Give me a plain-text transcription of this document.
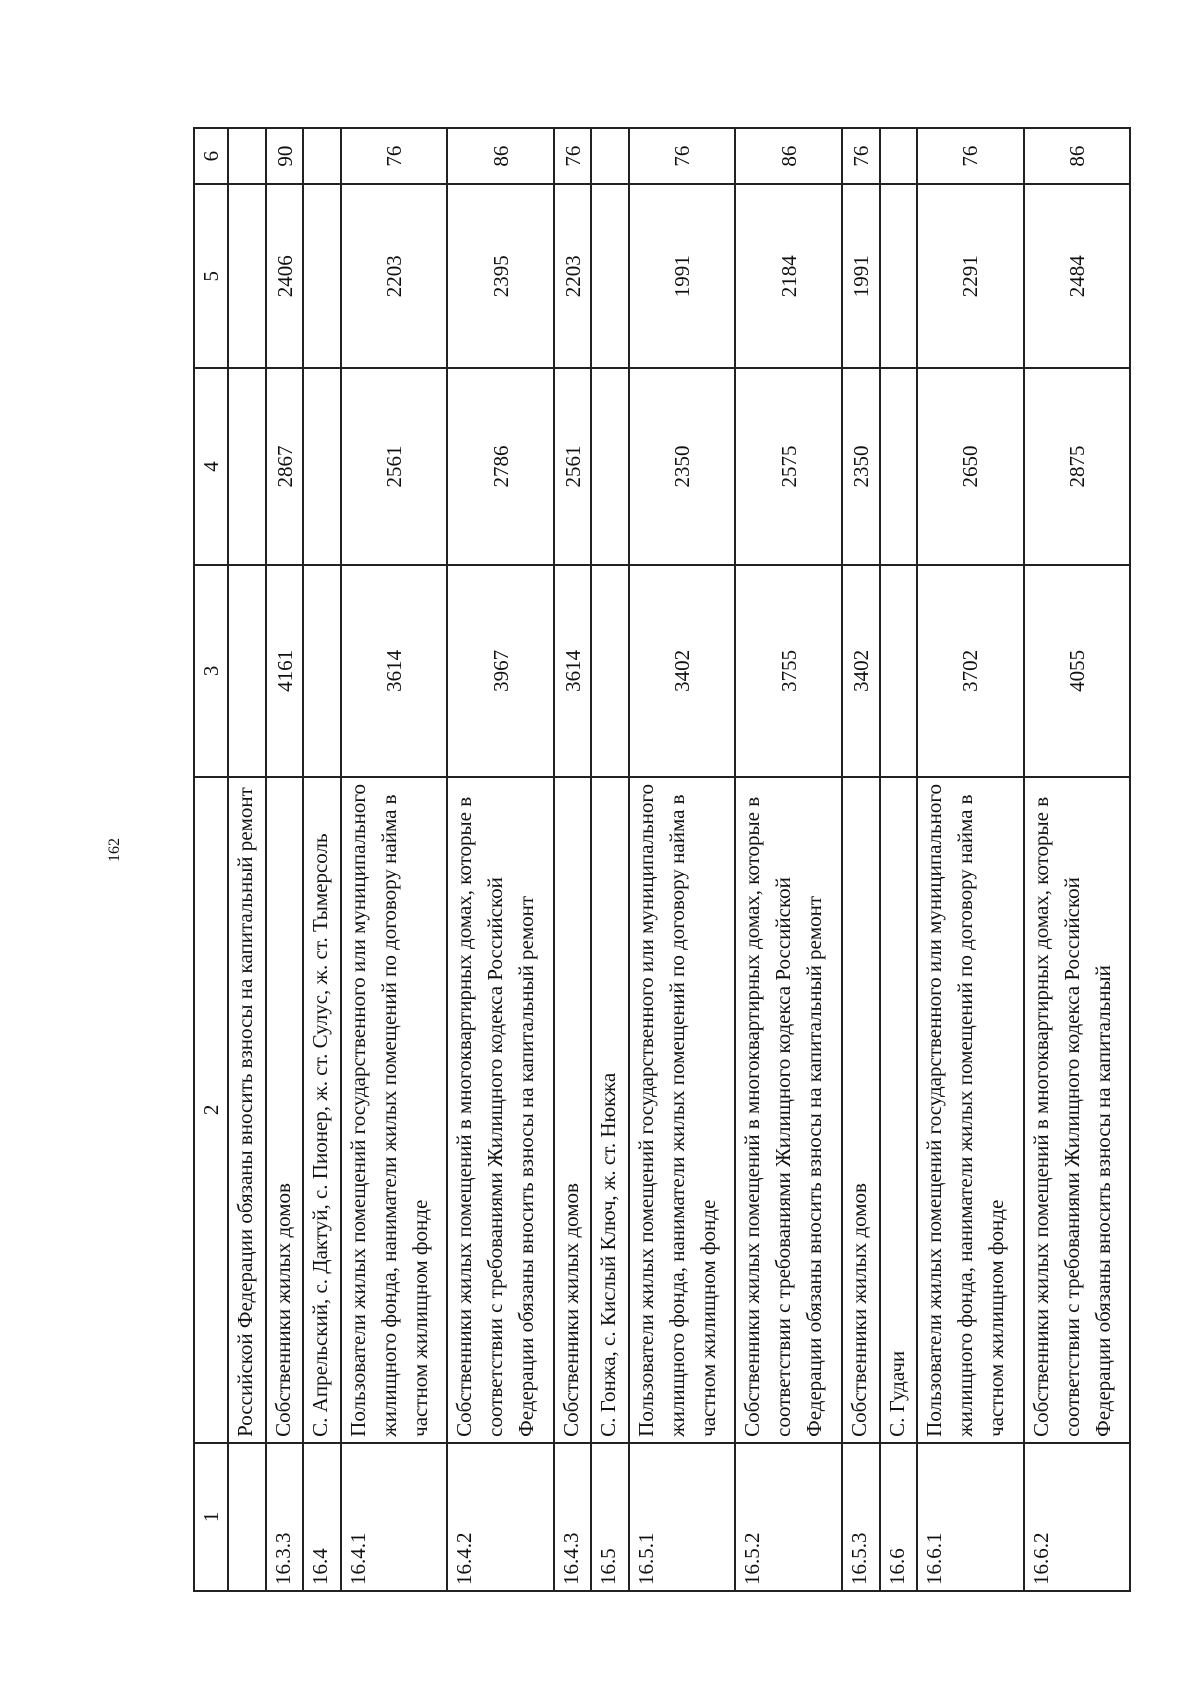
162
1	2	3	4	5	6
	Российской Федерации обязаны вносить взносы на капитальный ремонт				
16.3.3	Собственники жилых домов	4161	2867	2406	90
16.4	С. Апрельский, с. Дактуй, с. Пионер, ж. ст. Сулус, ж. ст. Тымерсоль				
16.4.1	Пользователи жилых помещений государственного или муниципального жилищного фонда, наниматели жилых помещений по договору найма в частном жилищном фонде	3614	2561	2203	76
16.4.2	Собственники жилых помещений в многоквартирных домах, которые в соответствии с требованиями Жилищного кодекса Российской Федерации обязаны вносить взносы на капитальный ремонт	3967	2786	2395	86
16.4.3	Собственники жилых домов	3614	2561	2203	76
16.5	С. Гонжа, с. Кислый Ключ, ж. ст. Нюкжа				
16.5.1	Пользователи жилых помещений государственного или муниципального жилищного фонда, наниматели жилых помещений по договору найма в частном жилищном фонде	3402	2350	1991	76
16.5.2	Собственники жилых помещений в многоквартирных домах, которые в соответствии с требованиями Жилищного кодекса Российской Федерации обязаны вносить взносы на капитальный ремонт	3755	2575	2184	86
16.5.3	Собственники жилых домов	3402	2350	1991	76
16.6	С. Гудачи				
16.6.1	Пользователи жилых помещений государственного или муниципального жилищного фонда, наниматели жилых помещений по договору найма в частном жилищном фонде	3702	2650	2291	76
16.6.2	Собственники жилых помещений в многоквартирных домах, которые в соответствии с требованиями Жилищного кодекса Российской Федерации обязаны вносить взносы на капитальный	4055	2875	2484	86
